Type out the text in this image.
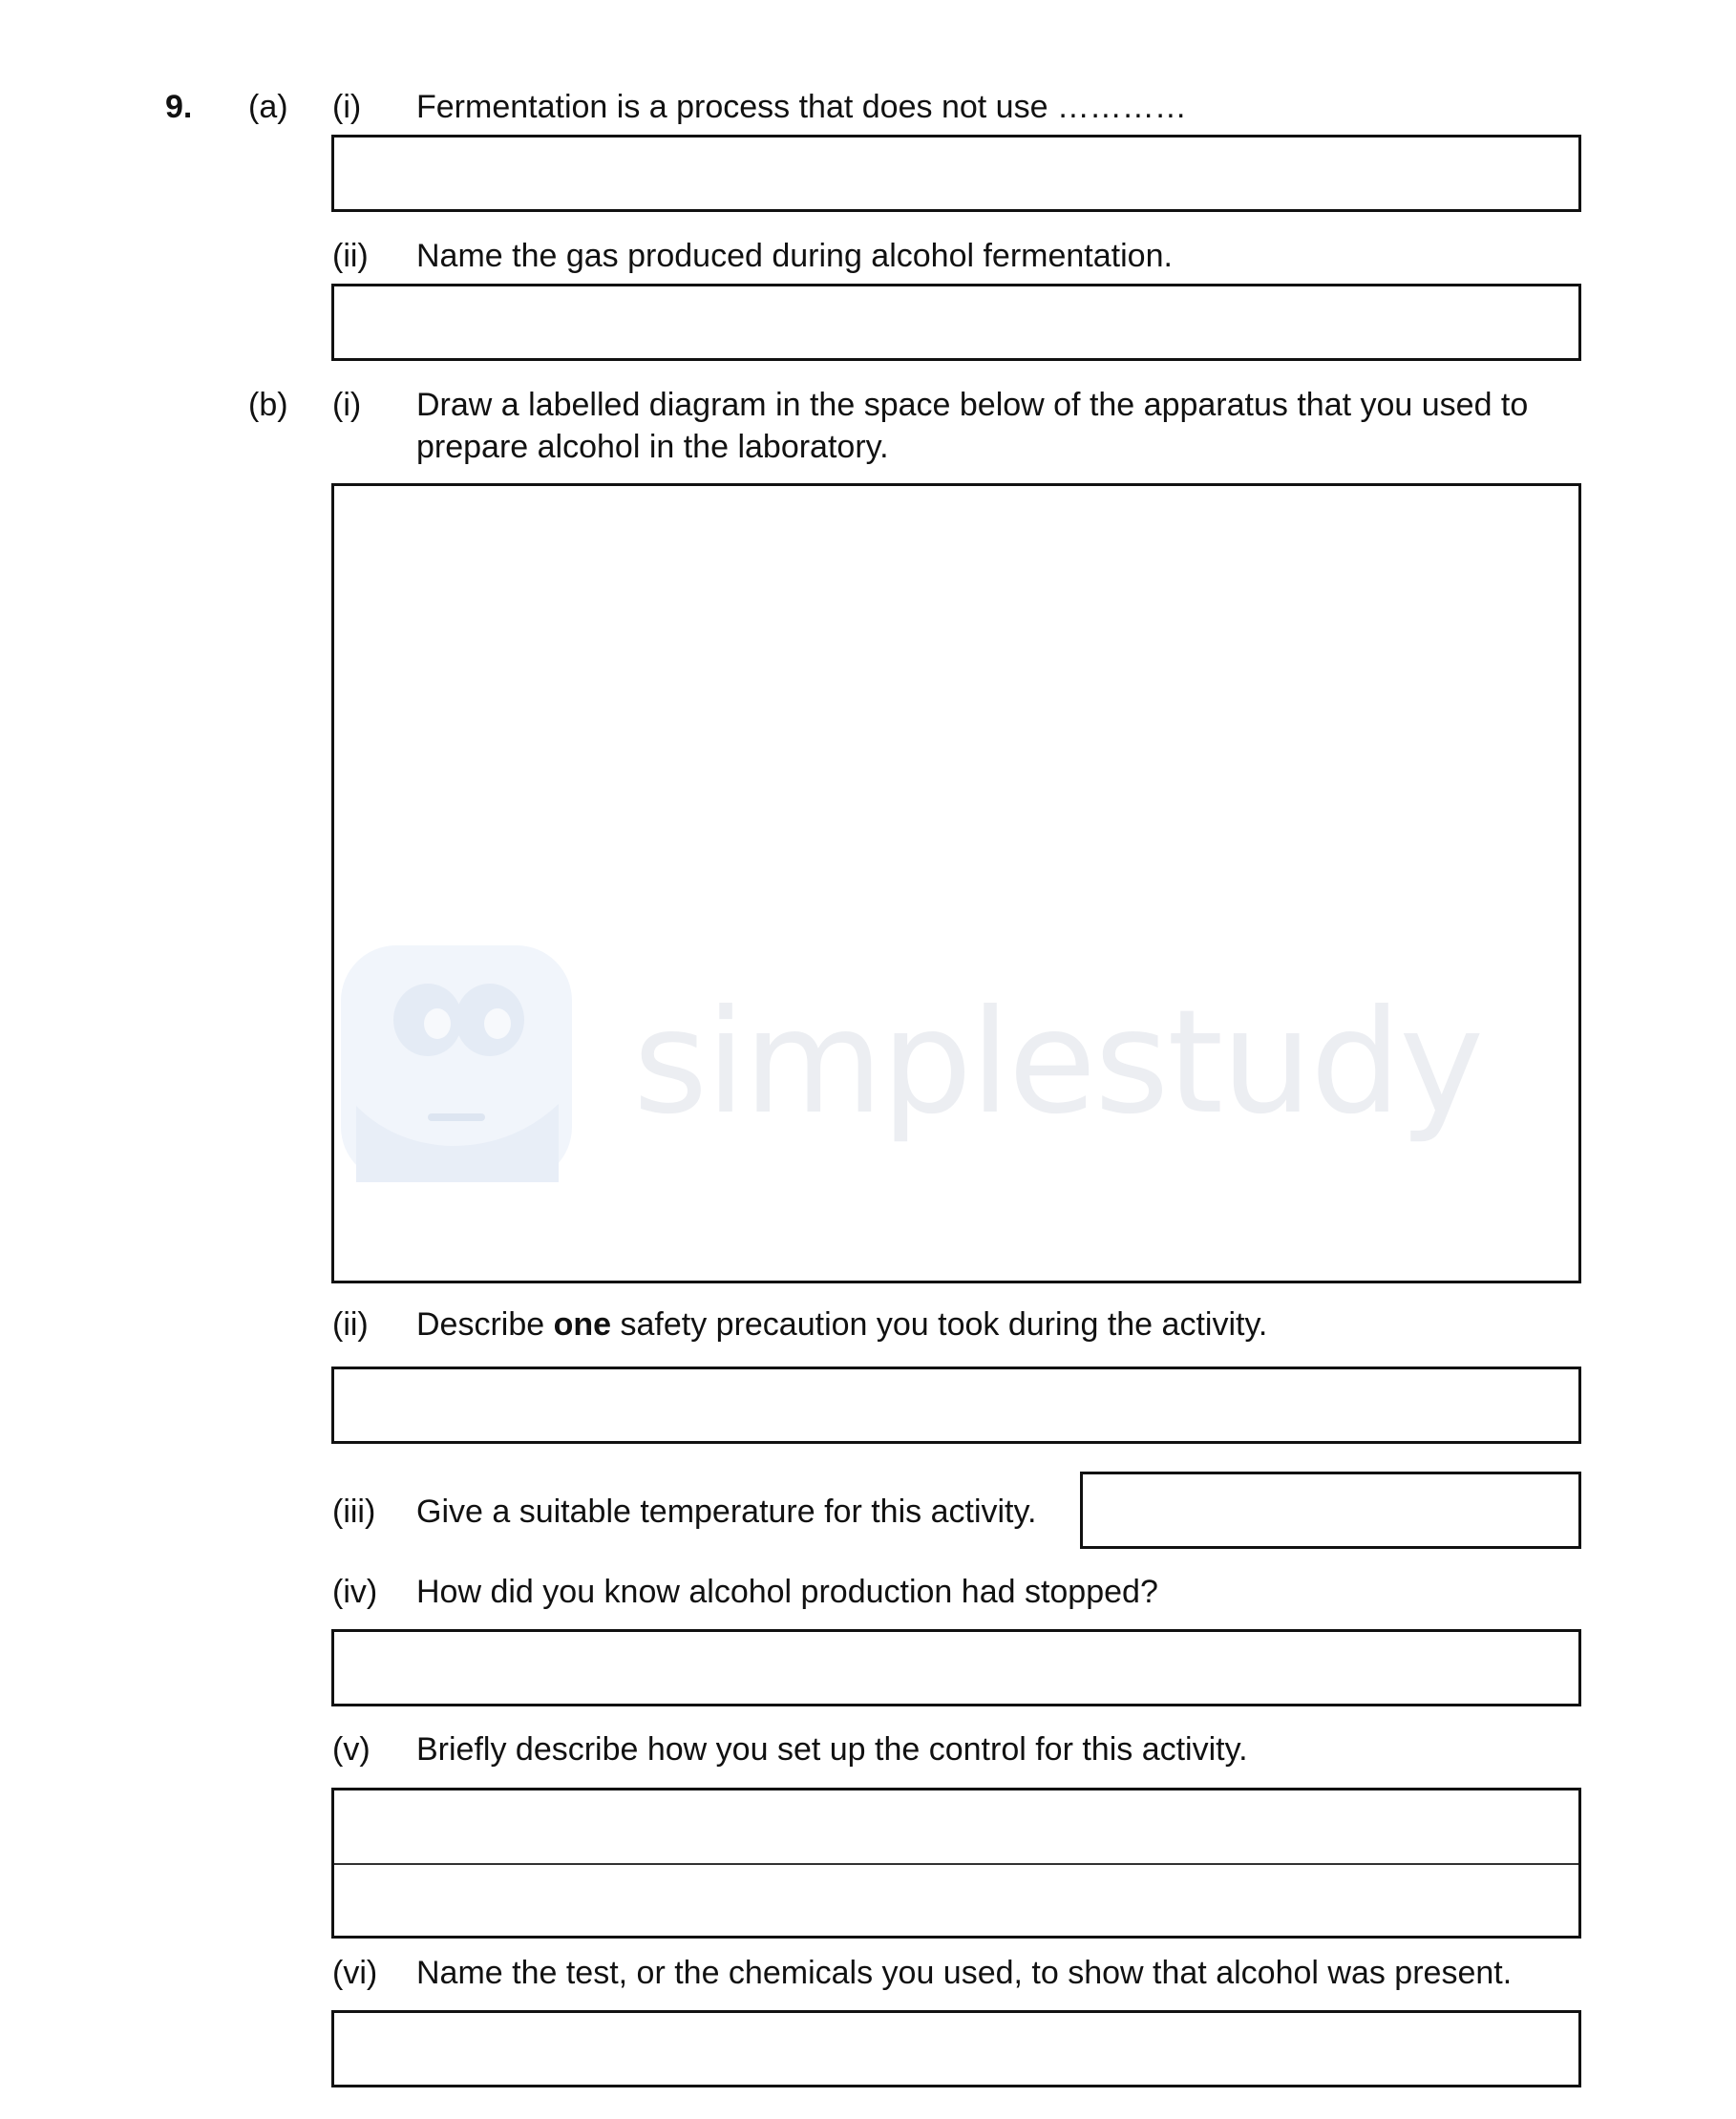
9. (a) (i) Fermentation is a process that does not use …………
(ii) Name the gas produced during alcohol fermentation.
(b) (i) Draw a labelled diagram in the space below of the apparatus that you used to
prepare alcohol in the laboratory.
simplestudy
(ii) Describe one safety precaution you took during the activity.
(iii) Give a suitable temperature for this activity.
(iv) How did you know alcohol production had stopped?
(v) Briefly describe how you set up the control for this activity.
(vi) Name the test, or the chemicals you used, to show that alcohol was present.
